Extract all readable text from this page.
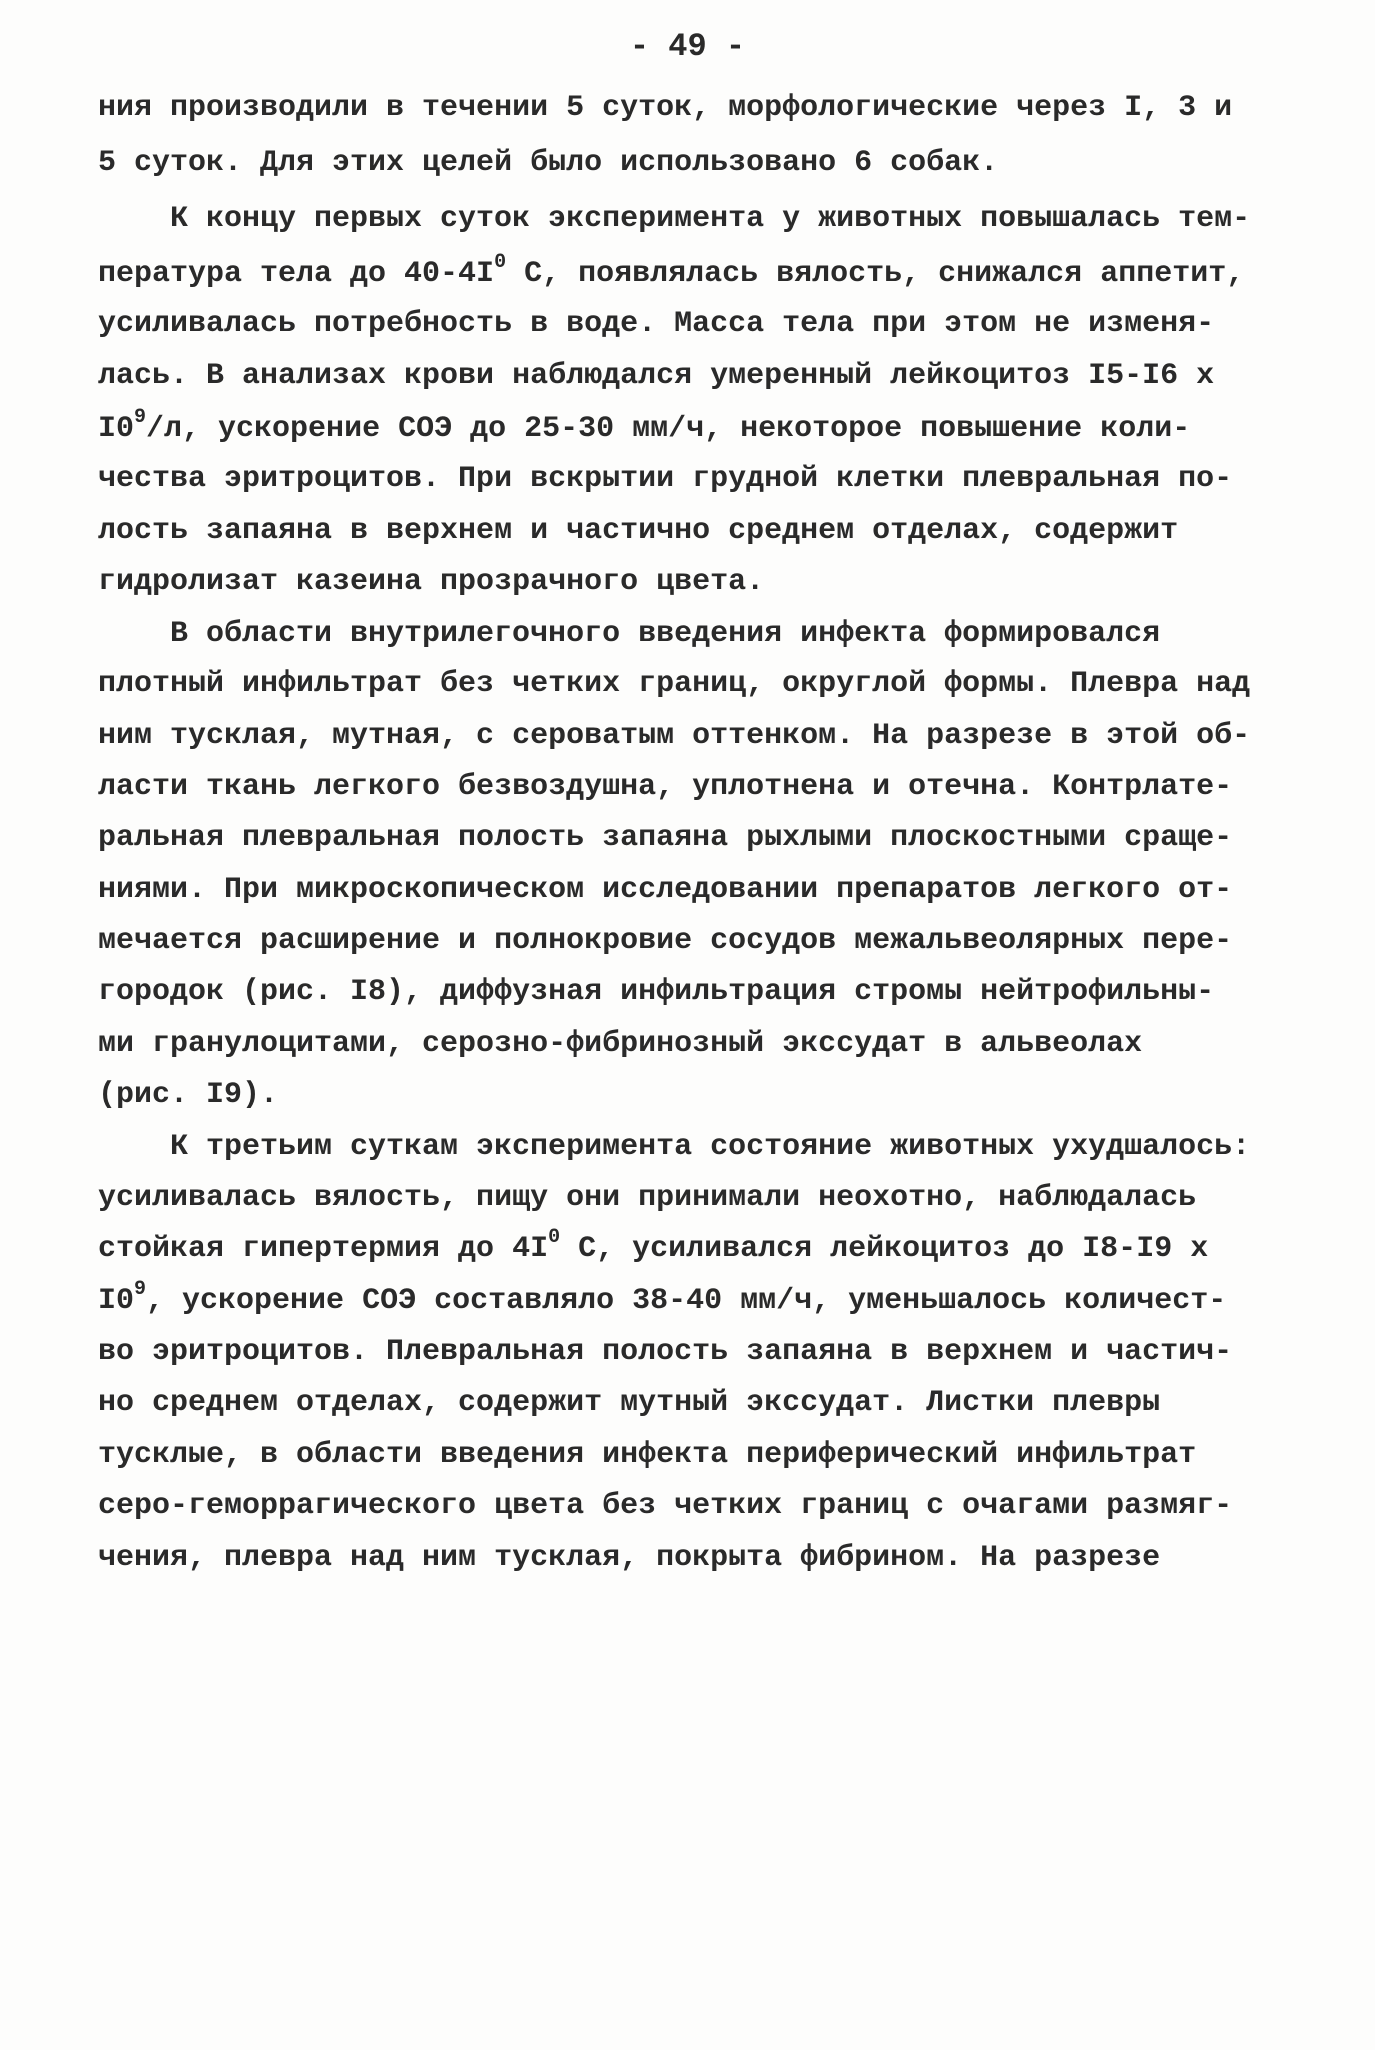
- 49 -
ния производили в течении 5 суток, морфологические через I, 3 и
5 суток. Для этих целей было использовано 6 собак.
К концу первых суток эксперимента у животных повышалась тем-
пература тела до $40-4I^0$ С, появлялась вялость, снижался аппетит,
усиливалась потребность в воде. Масса тела при этом не изменя-
лась. В анализах крови наблюдался умеренный лейкоцитоз I5-I6 х
$I0^9/л$, ускорение СОЭ до 25-30 мм/ч, некоторое повышение коли-
чества эритроцитов. При вскрытии грудной клетки плевральная по-
лость запаяна в верхнем и частично среднем отделах, содержит
гидролизат казеина прозрачного цвета.
В области внутрилегочного введения инфекта формировался
плотный инфильтрат без четких границ, округлой формы. Плевра над
ним тусклая, мутная, с сероватым оттенком. На разрезе в этой об-
ласти ткань легкого безвоздушна, уплотнена и отечна. Контрлате-
ральная плевральная полость запаяна рыхлыми плоскостными сраще-
ниями. При микроскопическом исследовании препаратов легкого от-
мечается расширение и полнокровие сосудов межальвеолярных пере-
городок (рис. I8), диффузная инфильтрация стромы нейтрофильны-
ми гранулоцитами, серозно-фибринозный экссудат в альвеолах
(рис. I9).
К третьим суткам эксперимента состояние животных ухудшалось:
усиливалась вялость, пищу они принимали неохотно, наблюдалась
стойкая гипертермия до $4I^0$ С, усиливался лейкоцитоз до I8-I9 х
$I0^9$, ускорение СОЭ составляло 38-40 мм/ч, уменьшалось количест-
во эритроцитов. Плевральная полость запаяна в верхнем и частич-
но среднем отделах, содержит мутный экссудат. Листки плевры
тусклые, в области введения инфекта периферический инфильтрат
серо-геморрагического цвета без четких границ с очагами размяг-
чения, плевра над ним тусклая, покрыта фибрином. На разрезе
